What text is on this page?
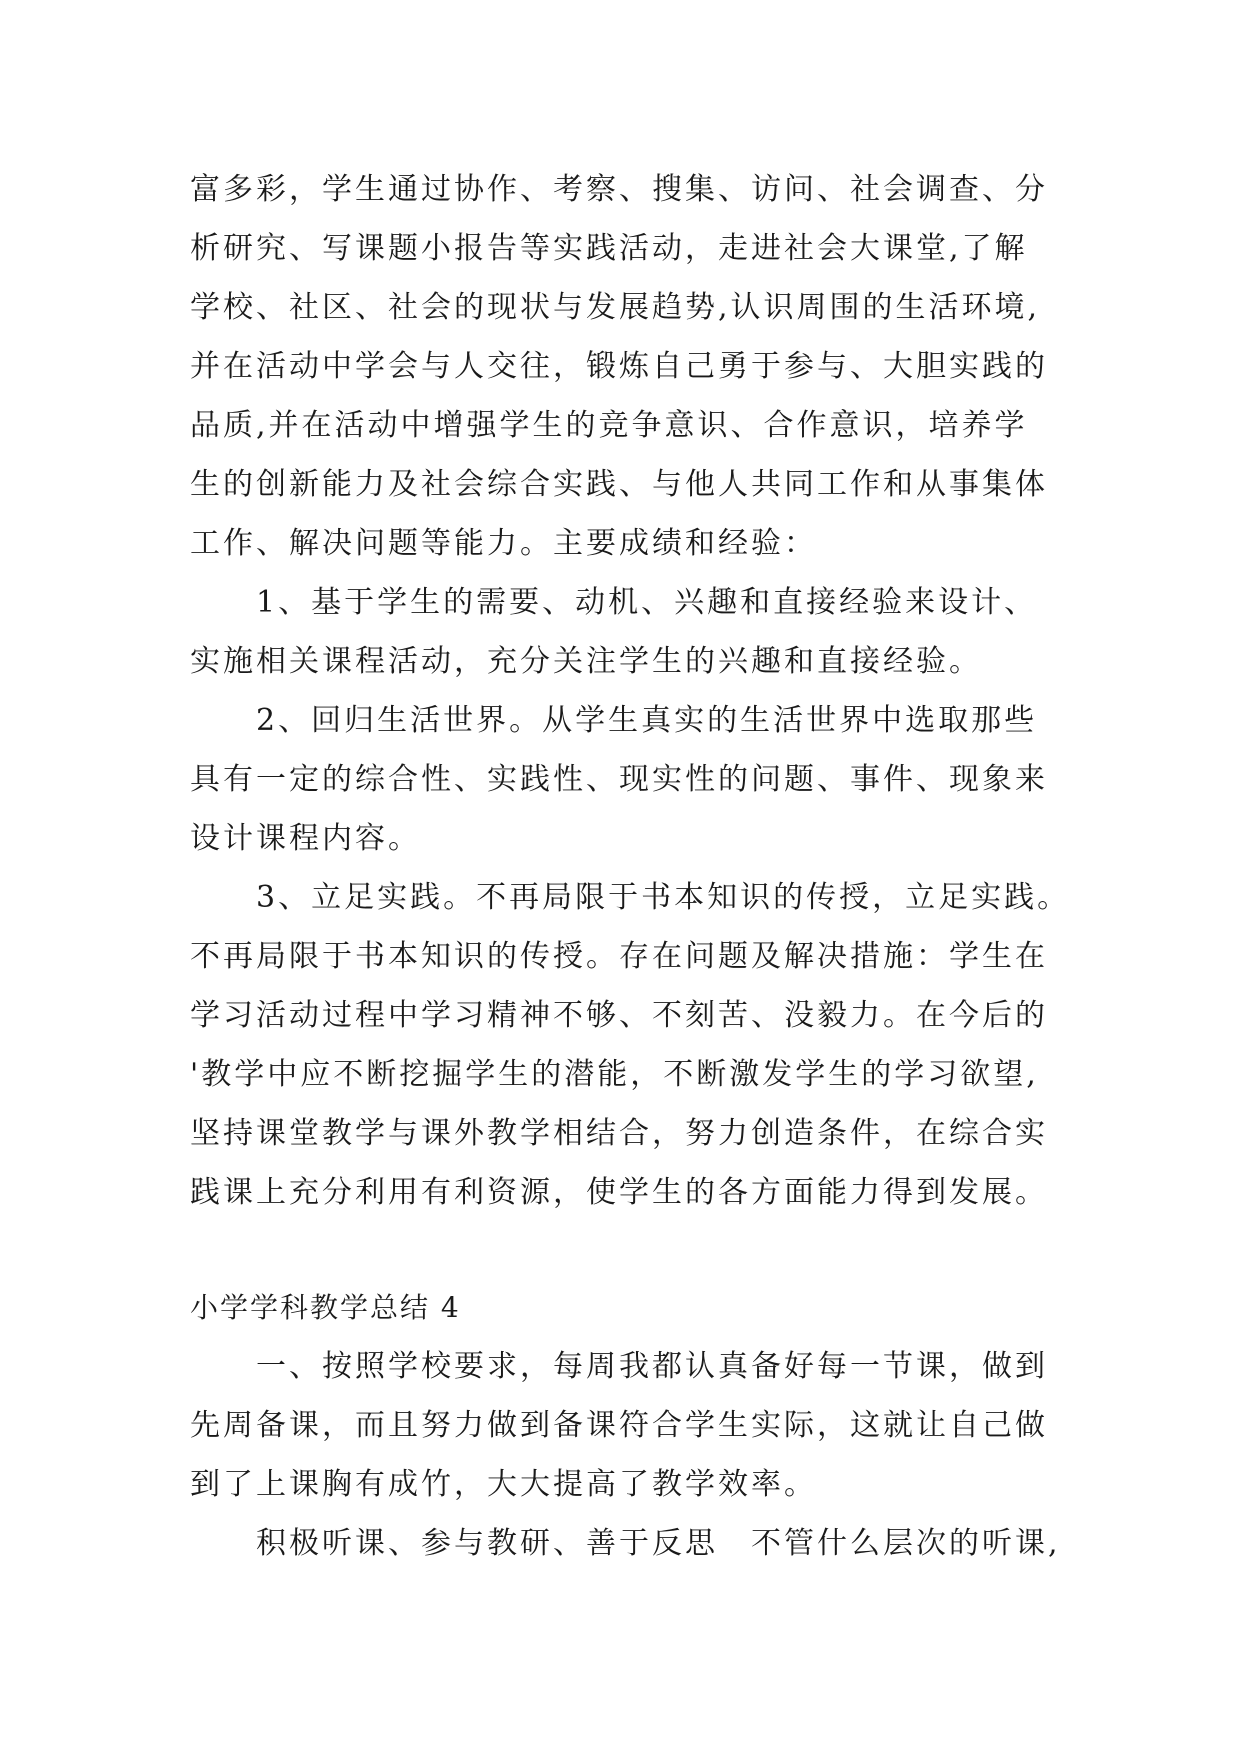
富多彩，学生通过协作、考察、搜集、访问、社会调查、分
析研究、写课题小报告等实践活动，走进社会大课堂,了解
学校、社区、社会的现状与发展趋势,认识周围的生活环境,
并在活动中学会与人交往，锻炼自己勇于参与、大胆实践的
品质,并在活动中增强学生的竞争意识、合作意识，培养学
生的创新能力及社会综合实践、与他人共同工作和从事集体
工作、解决问题等能力。主要成绩和经验：
　　1、基于学生的需要、动机、兴趣和直接经验来设计、
实施相关课程活动，充分关注学生的兴趣和直接经验。
　　2、回归生活世界。从学生真实的生活世界中选取那些
具有一定的综合性、实践性、现实性的问题、事件、现象来
设计课程内容。
　　3、立足实践。不再局限于书本知识的传授，立足实践。
不再局限于书本知识的传授。存在问题及解决措施：学生在
学习活动过程中学习精神不够、不刻苦、没毅力。在今后的
'教学中应不断挖掘学生的潜能，不断激发学生的学习欲望,
坚持课堂教学与课外教学相结合，努力创造条件，在综合实
践课上充分利用有利资源，使学生的各方面能力得到发展。
小学学科教学总结 4
　　一、按照学校要求，每周我都认真备好每一节课，做到
先周备课，而且努力做到备课符合学生实际，这就让自己做
到了上课胸有成竹，大大提高了教学效率。
　　积极听课、参与教研、善于反思　不管什么层次的听课,
